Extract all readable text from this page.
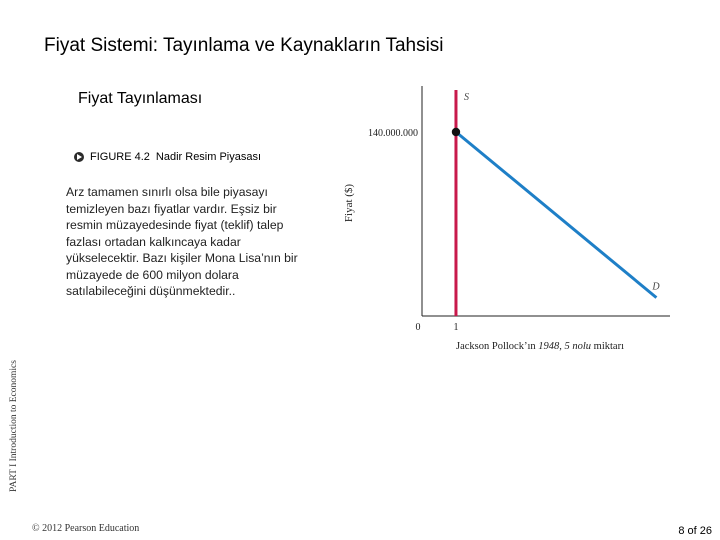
Fiyat Sistemi: Tayınlama ve Kaynakların Tahsisi
Fiyat Tayınlaması
FIGURE 4.2 Nadir Resim Piyasası
Arz tamamen sınırlı olsa bile piyasayı temizleyen bazı fiyatlar vardır. Eşsiz bir resmin müzayedesinde fiyat (teklif) talep fazlası ortadan kalkıncaya kadar yükselecektir. Bazı kişiler Mona Lisa’nın bir müzayede de 600 milyon dolara satılabileceğini düşünmektedir..
PART I Introduction to Economics
0	1
140.000.000
S
D
Fiyat ($)
Jackson Pollock’ın 1948, 5 nolu miktarı
© 2012 Pearson Education	8 of 26
